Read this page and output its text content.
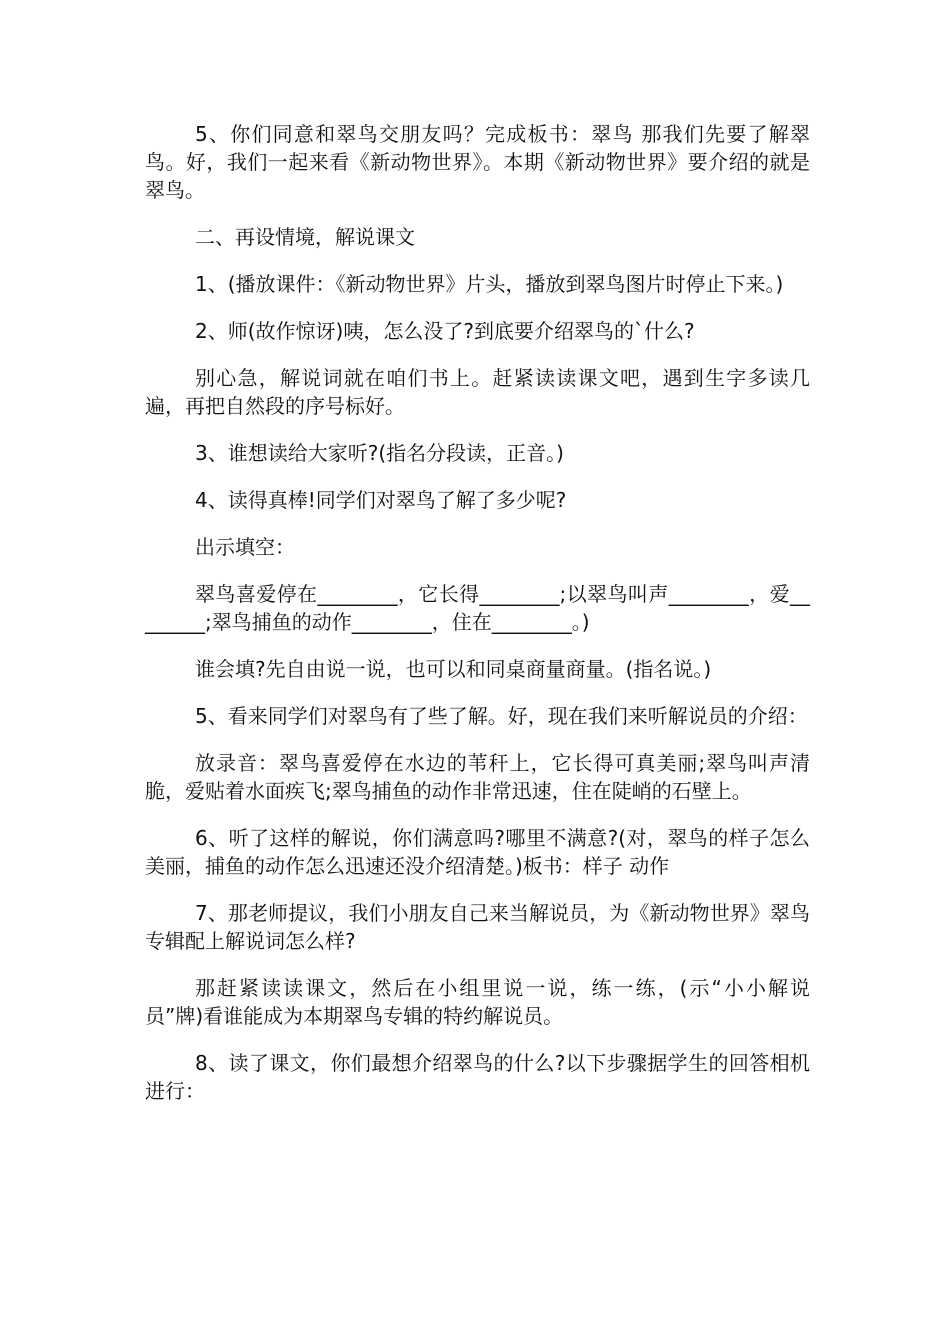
5、你们同意和翠鸟交朋友吗？完成板书：翠鸟 那我们先要了解翠鸟。好，我们一起来看《新动物世界》。本期《新动物世界》要介绍的就是翠鸟。

二、再设情境，解说课文

1、(播放课件：《新动物世界》片头，播放到翠鸟图片时停止下来。)

2、师(故作惊讶)咦，怎么没了?到底要介绍翠鸟的`什么?

别心急，解说词就在咱们书上。赶紧读读课文吧，遇到生字多读几遍，再把自然段的序号标好。

3、谁想读给大家听?(指名分段读，正音。)

4、读得真棒!同学们对翠鸟了解了多少呢?

出示填空：

翠鸟喜爱停在________，它长得________;以翠鸟叫声________，爱________;翠鸟捕鱼的动作________，住在________。)

谁会填?先自由说一说，也可以和同桌商量商量。(指名说。)

5、看来同学们对翠鸟有了些了解。好，现在我们来听解说员的介绍：

放录音：翠鸟喜爱停在水边的苇秆上，它长得可真美丽;翠鸟叫声清脆，爱贴着水面疾飞;翠鸟捕鱼的动作非常迅速，住在陡峭的石壁上。

6、听了这样的解说，你们满意吗?哪里不满意?(对，翠鸟的样子怎么美丽，捕鱼的动作怎么迅速还没介绍清楚。)板书：样子 动作

7、那老师提议，我们小朋友自己来当解说员，为《新动物世界》翠鸟专辑配上解说词怎么样?

那赶紧读读课文，然后在小组里说一说，练一练，(示“小小解说员”牌)看谁能成为本期翠鸟专辑的特约解说员。

8、读了课文，你们最想介绍翠鸟的什么?以下步骤据学生的回答相机进行：
